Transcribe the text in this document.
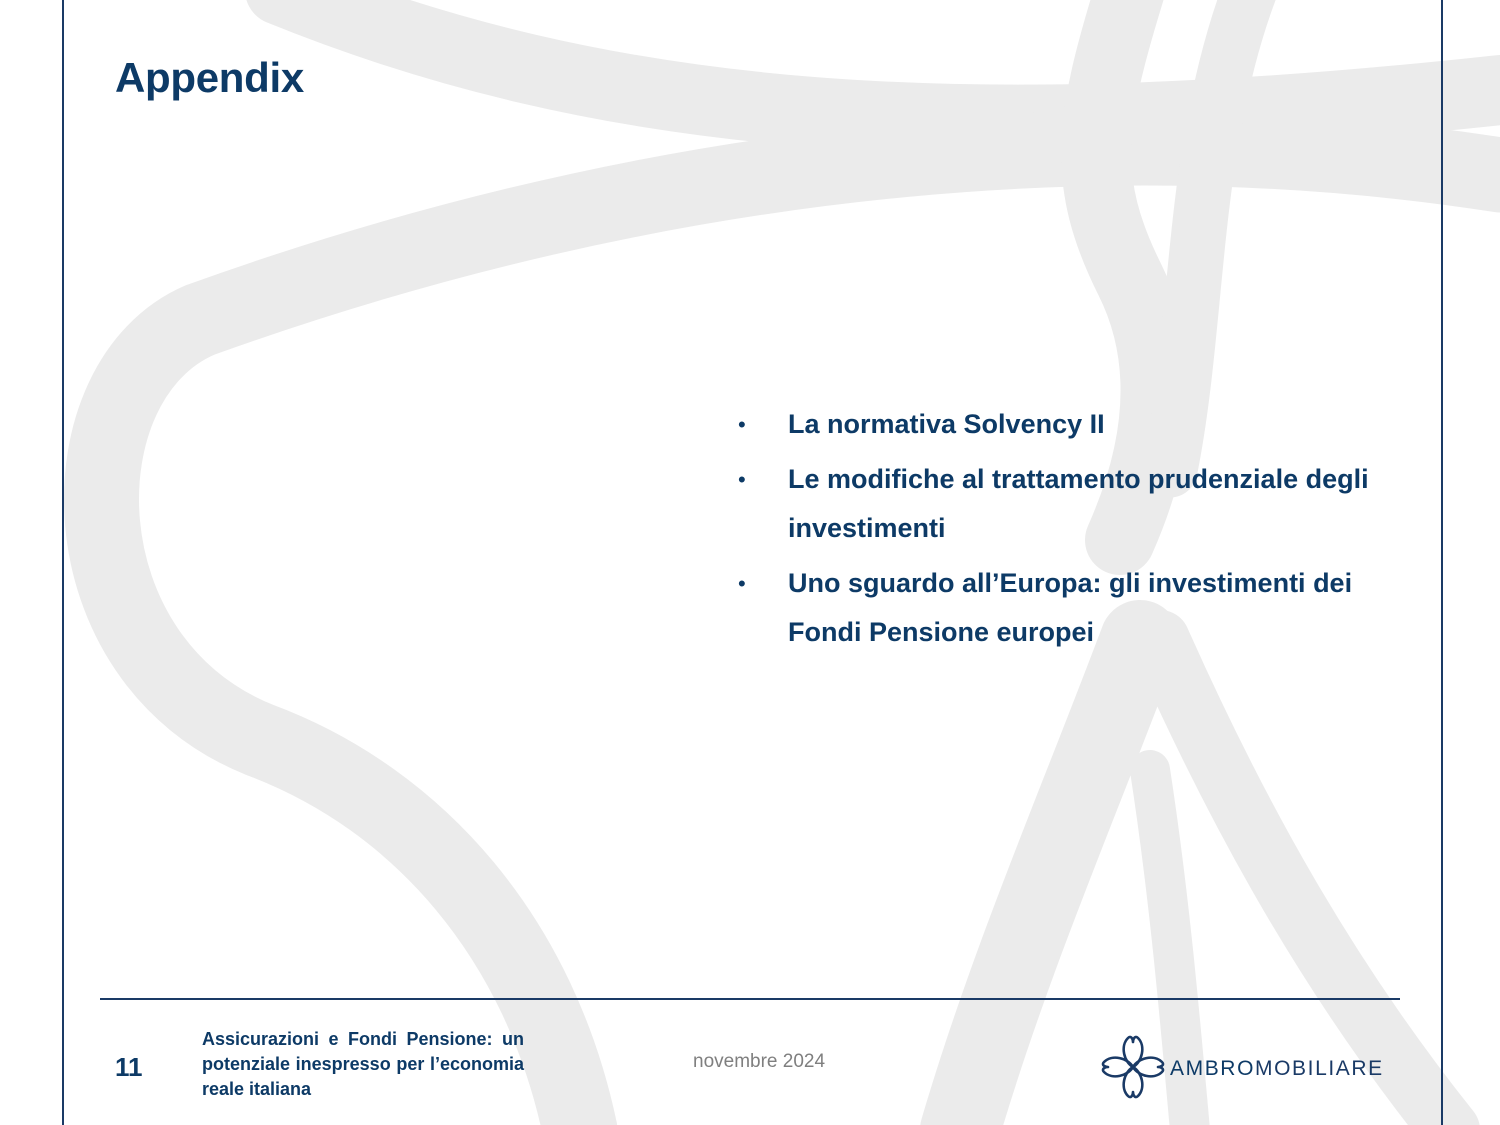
Appendix
• La normativa Solvency II
• Le modifiche al trattamento prudenziale degli investimenti
• Uno sguardo all’Europa: gli investimenti dei Fondi Pensione europei
11
Assicurazioni e Fondi Pensione: un potenziale inespresso per l’economia reale italiana
novembre 2024	AMBROMOBILIARE
